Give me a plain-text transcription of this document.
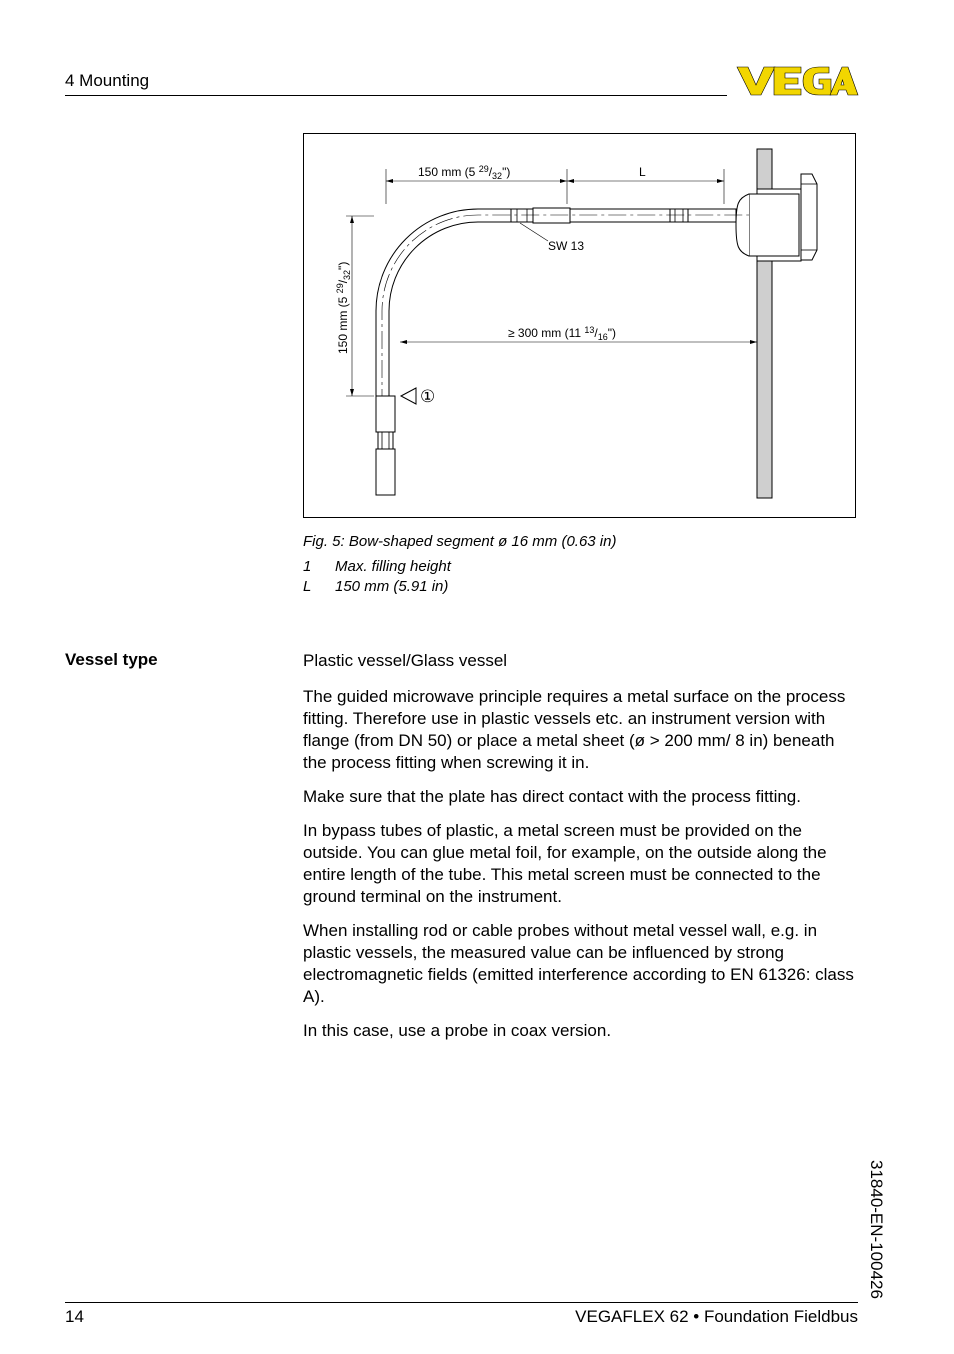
4 Mounting
150 mm (5 $^{29}/_{32}$")	L
SW 13
150 mm (5 $^{29}/_{32}$")
≥ 300 mm (11 $^{13}/_{16}$")
①
Fig. 5: Bow-shaped segment ø 16 mm (0.63 in)
1 Max. filling height
L 150 mm (5.91 in)
Vessel type	Plastic vessel/Glass vessel

The guided microwave principle requires a metal surface on the process fitting. Therefore use in plastic vessels etc. an instrument version with flange (from DN 50) or place a metal sheet (ø > 200 mm/ 8 in) beneath the process fitting when screwing it in.

Make sure that the plate has direct contact with the process fitting.

In bypass tubes of plastic, a metal screen must be provided on the outside. You can glue metal foil, for example, on the outside along the entire length of the tube. This metal screen must be connected to the ground terminal on the instrument.

When installing rod or cable probes without metal vessel wall, e.g. in plastic vessels, the measured value can be influenced by strong electromagnetic fields (emitted interference according to EN 61326: class A).

In this case, use a probe in coax version.

31840-EN-100426
14	VEGAFLEX 62 • Foundation Fieldbus
